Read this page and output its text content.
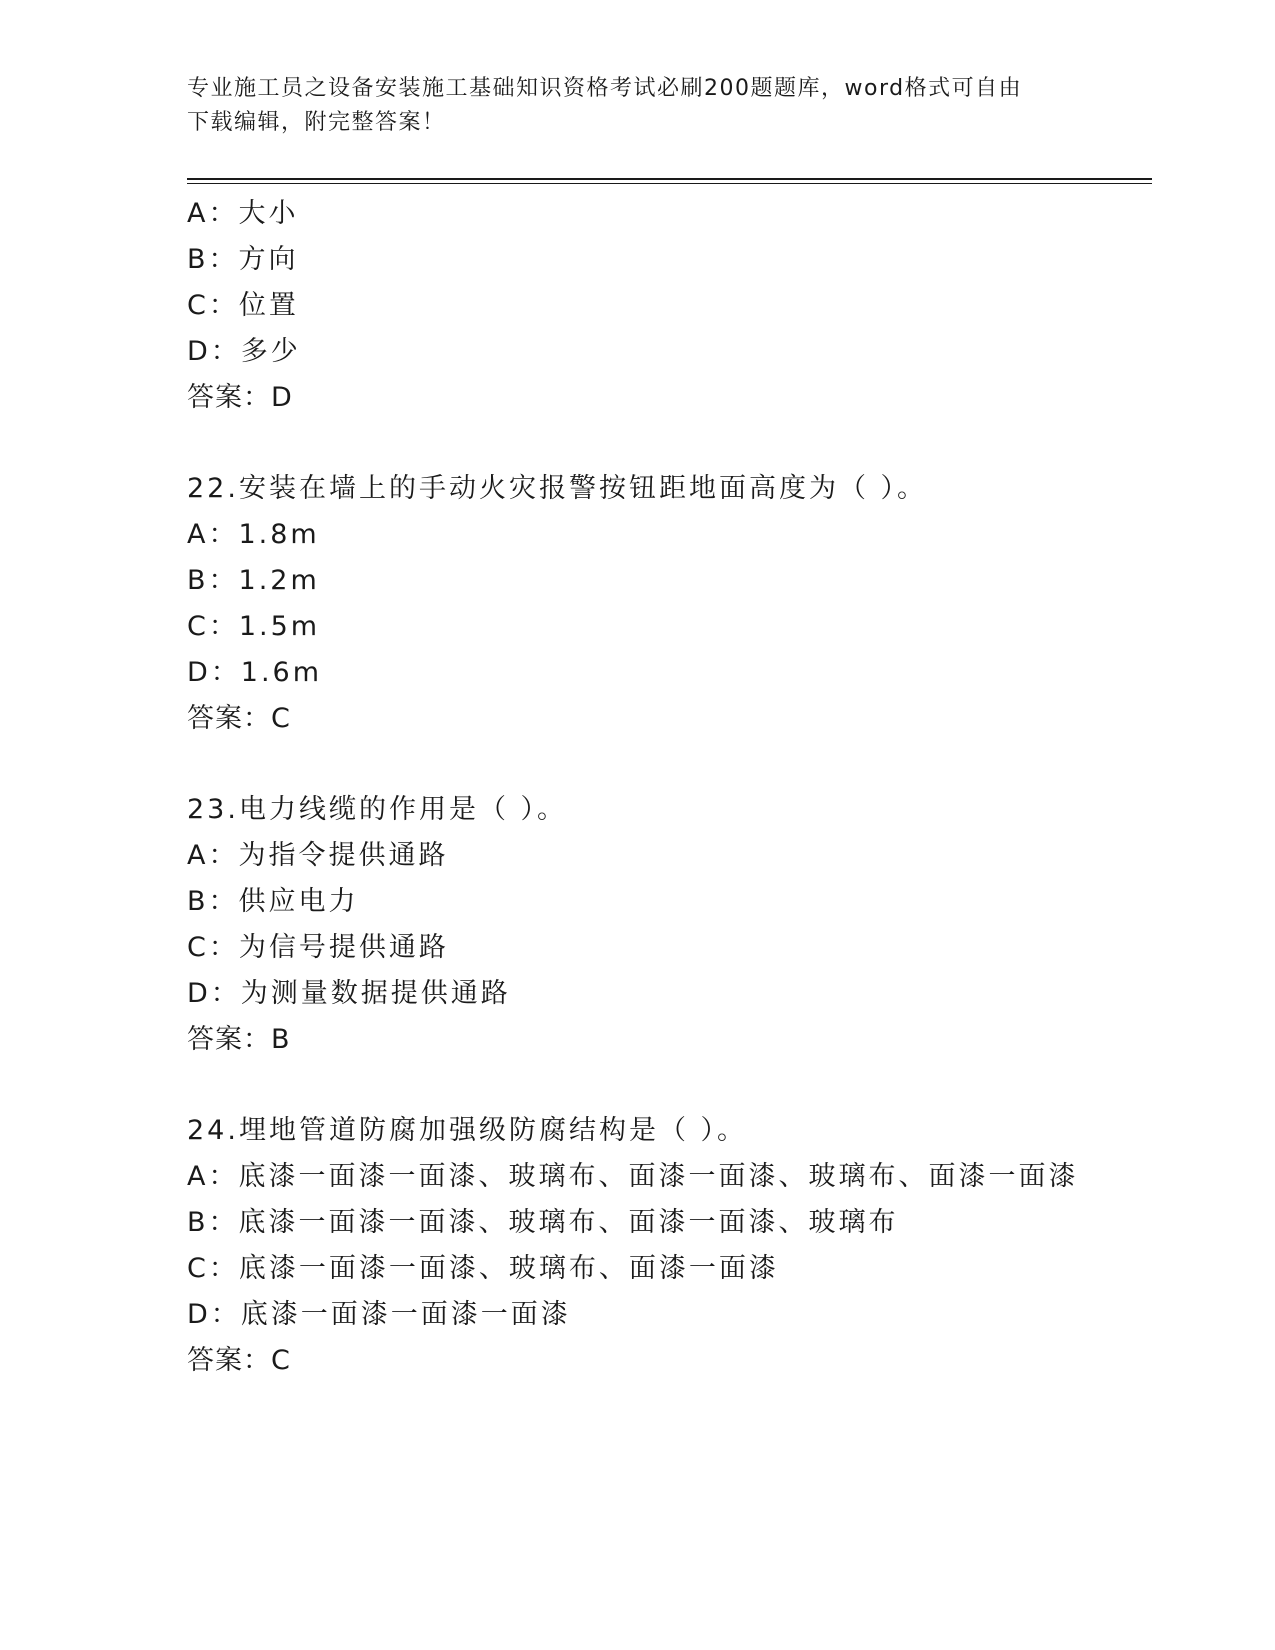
专业施工员之设备安装施工基础知识资格考试必刷200题题库，word格式可自由
下载编辑，附完整答案！
A：大小
B：方向
C：位置
D：多少
答案：D
22.安装在墙上的手动火灾报警按钮距地面高度为（ ）。
A：1.8m
B：1.2m
C：1.5m
D：1.6m
答案：C
23.电力线缆的作用是（ ）。
A：为指令提供通路
B：供应电力
C：为信号提供通路
D：为测量数据提供通路
答案：B
24.埋地管道防腐加强级防腐结构是（ ）。
A：底漆一面漆一面漆、玻璃布、面漆一面漆、玻璃布、面漆一面漆
B：底漆一面漆一面漆、玻璃布、面漆一面漆、玻璃布
C：底漆一面漆一面漆、玻璃布、面漆一面漆
D：底漆一面漆一面漆一面漆
答案：C
